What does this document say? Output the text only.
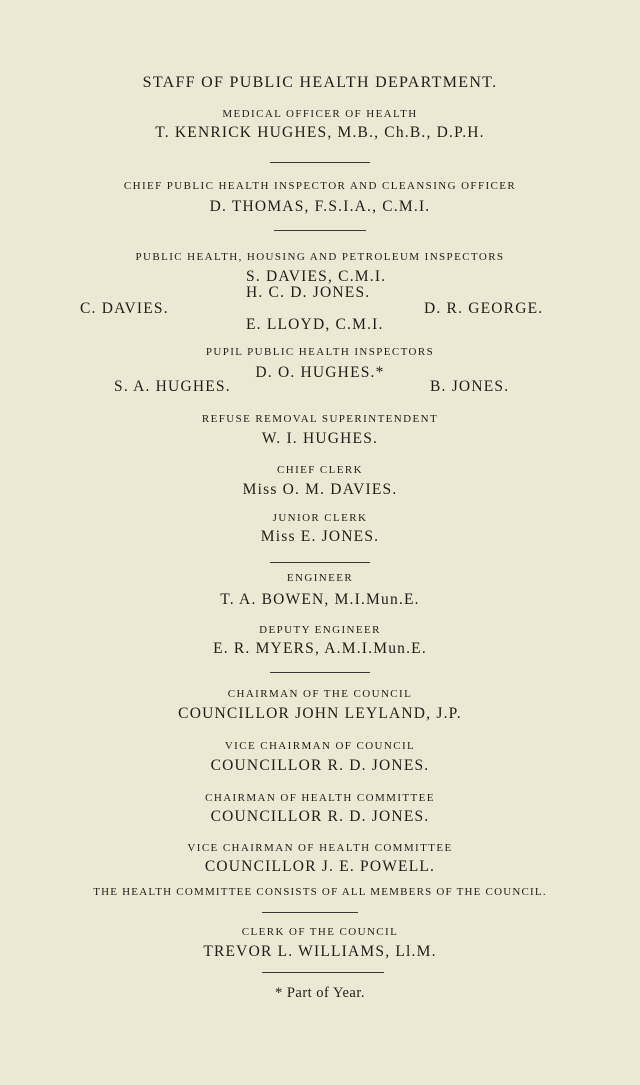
STAFF OF PUBLIC HEALTH DEPARTMENT.
MEDICAL OFFICER OF HEALTH
T. KENRICK HUGHES, M.B., Ch.B., D.P.H.
CHIEF PUBLIC HEALTH INSPECTOR AND CLEANSING OFFICER
D. THOMAS, F.S.I.A., C.M.I.
PUBLIC HEALTH, HOUSING AND PETROLEUM INSPECTORS
S. DAVIES, C.M.I.
H. C. D. JONES.
C. DAVIES.	D. R. GEORGE.
E. LLOYD, C.M.I.
PUPIL PUBLIC HEALTH INSPECTORS
D. O. HUGHES.*
S. A. HUGHES.	B. JONES.
REFUSE REMOVAL SUPERINTENDENT
W. I. HUGHES.
CHIEF CLERK
Miss O. M. DAVIES.
JUNIOR CLERK
Miss E. JONES.
ENGINEER
T. A. BOWEN, M.I.Mun.E.
DEPUTY ENGINEER
E. R. MYERS, A.M.I.Mun.E.
CHAIRMAN OF THE COUNCIL
COUNCILLOR JOHN LEYLAND, J.P.
VICE CHAIRMAN OF COUNCIL
COUNCILLOR R. D. JONES.
CHAIRMAN OF HEALTH COMMITTEE
COUNCILLOR R. D. JONES.
VICE CHAIRMAN OF HEALTH COMMITTEE
COUNCILLOR J. E. POWELL.
THE HEALTH COMMITTEE CONSISTS OF ALL MEMBERS OF THE COUNCIL.
CLERK OF THE COUNCIL
TREVOR L. WILLIAMS, Ll.M.
* Part of Year.
